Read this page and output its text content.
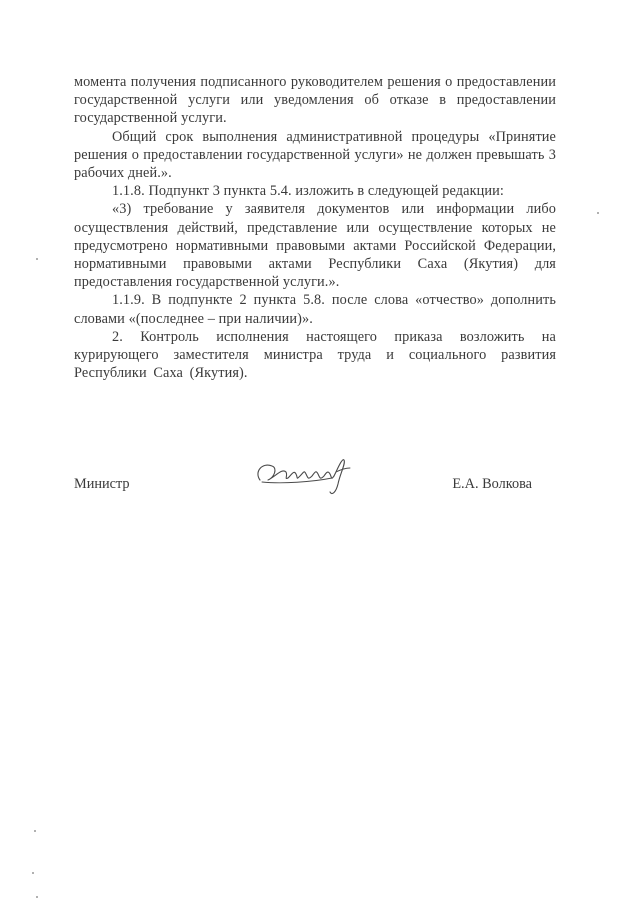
момента получения подписанного руководителем решения о предоставлении государственной услуги или уведомления об отказе в предоставлении государственной услуги.

Общий срок выполнения административной процедуры «Принятие решения о предоставлении государственной услуги» не должен превышать 3 рабочих дней.».

1.1.8. Подпункт 3 пункта 5.4. изложить в следующей редакции:

«3) требование у заявителя документов или информации либо осуществления действий, представление или осуществление которых не предусмотрено нормативными правовыми актами Российской Федерации, нормативными правовыми актами Республики Саха (Якутия) для предоставления государственной услуги.».

1.1.9. В подпункте 2 пункта 5.8. после слова «отчество» дополнить словами «(последнее – при наличии)».

2. Контроль исполнения настоящего приказа возложить на курирующего заместителя министра труда и социального развития Республики Саха (Якутия).

Министр	Е.А. Волкова
